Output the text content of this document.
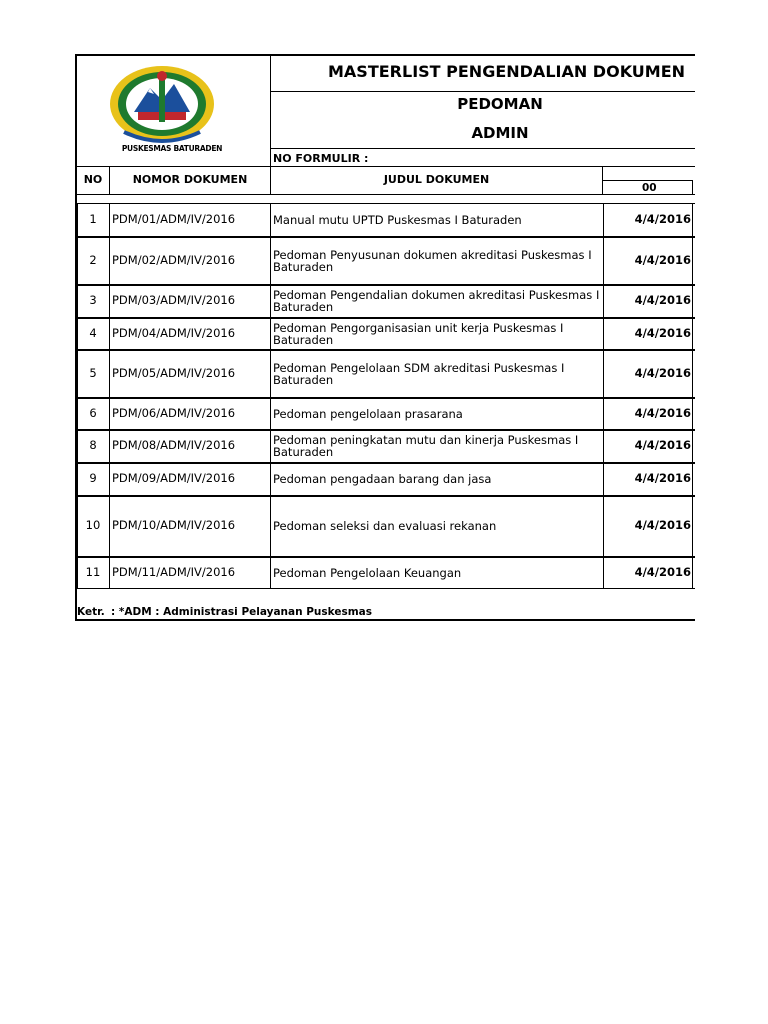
PUSKESMAS BATURADEN
MASTERLIST PENGENDALIAN DOKUMEN
PEDOMAN
ADMIN
NO FORMULIR :
NO	NOMOR DOKUMEN	JUDUL DOKUMEN
00
1	PDM/01/ADM/IV/2016	Manual mutu UPTD Puskesmas I Baturaden	4/4/2016
2	PDM/02/ADM/IV/2016	Pedoman Penyusunan dokumen akreditasi Puskesmas I Baturaden	4/4/2016
3	PDM/03/ADM/IV/2016	Pedoman Pengendalian dokumen akreditasi Puskesmas I Baturaden	4/4/2016
4	PDM/04/ADM/IV/2016	Pedoman Pengorganisasian unit kerja Puskesmas I Baturaden	4/4/2016
5	PDM/05/ADM/IV/2016	Pedoman Pengelolaan SDM akreditasi Puskesmas I Baturaden	4/4/2016
6	PDM/06/ADM/IV/2016	Pedoman pengelolaan prasarana	4/4/2016
8	PDM/08/ADM/IV/2016	Pedoman peningkatan mutu dan kinerja Puskesmas I Baturaden	4/4/2016
9	PDM/09/ADM/IV/2016	Pedoman pengadaan barang dan jasa	4/4/2016
10	PDM/10/ADM/IV/2016	Pedoman seleksi dan evaluasi rekanan	4/4/2016
11	PDM/11/ADM/IV/2016	Pedoman Pengelolaan Keuangan	4/4/2016
Ketr. : *ADM : Administrasi Pelayanan Puskesmas
